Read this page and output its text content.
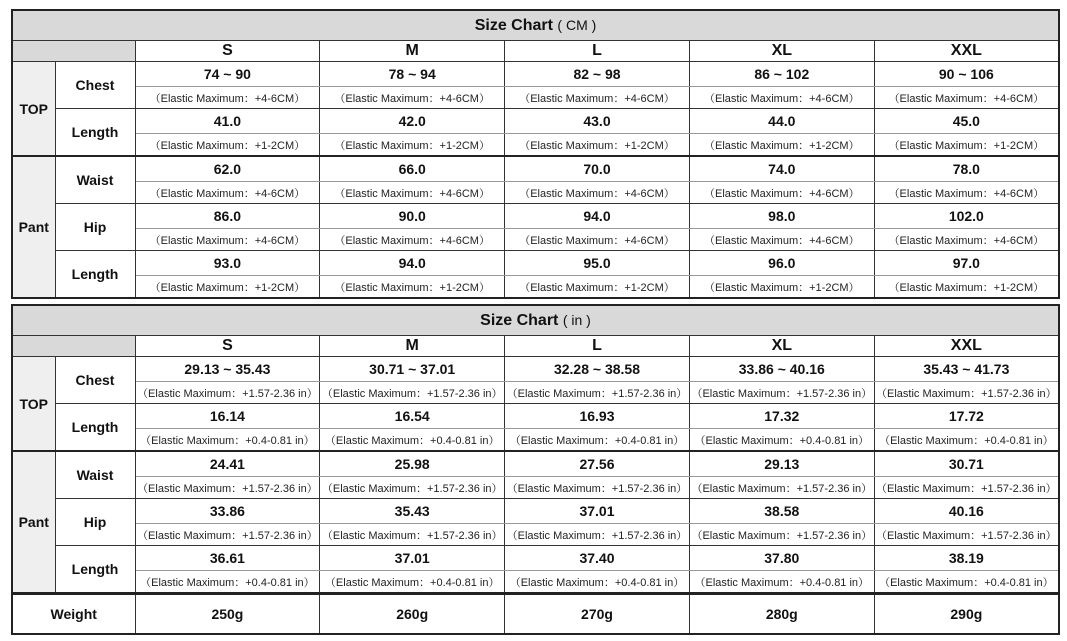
Size Chart ( CM )						
		S	M	L	XL	XXL
TOP	Chest	74 ~ 90	78 ~ 94	82 ~ 98	86 ~ 102	90 ~ 106
		（Elastic Maximum：+4-6CM）	（Elastic Maximum：+4-6CM）	（Elastic Maximum：+4-6CM）	（Elastic Maximum：+4-6CM）	（Elastic Maximum：+4-6CM）
	Length	41.0	42.0	43.0	44.0	45.0
		（Elastic Maximum：+1-2CM）	（Elastic Maximum：+1-2CM）	（Elastic Maximum：+1-2CM）	（Elastic Maximum：+1-2CM）	（Elastic Maximum：+1-2CM）
Pant	Waist	62.0	66.0	70.0	74.0	78.0
		（Elastic Maximum：+4-6CM）	（Elastic Maximum：+4-6CM）	（Elastic Maximum：+4-6CM）	（Elastic Maximum：+4-6CM）	（Elastic Maximum：+4-6CM）
	Hip	86.0	90.0	94.0	98.0	102.0
		（Elastic Maximum：+4-6CM）	（Elastic Maximum：+4-6CM）	（Elastic Maximum：+4-6CM）	（Elastic Maximum：+4-6CM）	（Elastic Maximum：+4-6CM）
	Length	93.0	94.0	95.0	96.0	97.0
		（Elastic Maximum：+1-2CM）	（Elastic Maximum：+1-2CM）	（Elastic Maximum：+1-2CM）	（Elastic Maximum：+1-2CM）	（Elastic Maximum：+1-2CM）
Size Chart ( in )						
		S	M	L	XL	XXL
TOP	Chest	29.13 ~ 35.43	30.71 ~ 37.01	32.28 ~ 38.58	33.86 ~ 40.16	35.43 ~ 41.73
		（Elastic Maximum：+1.57-2.36 in）	（Elastic Maximum：+1.57-2.36 in）	（Elastic Maximum：+1.57-2.36 in）	（Elastic Maximum：+1.57-2.36 in）	（Elastic Maximum：+1.57-2.36 in）
	Length	16.14	16.54	16.93	17.32	17.72
		（Elastic Maximum：+0.4-0.81 in）	（Elastic Maximum：+0.4-0.81 in）	（Elastic Maximum：+0.4-0.81 in）	（Elastic Maximum：+0.4-0.81 in）	（Elastic Maximum：+0.4-0.81 in）
Pant	Waist	24.41	25.98	27.56	29.13	30.71
		（Elastic Maximum：+1.57-2.36 in）	（Elastic Maximum：+1.57-2.36 in）	（Elastic Maximum：+1.57-2.36 in）	（Elastic Maximum：+1.57-2.36 in）	（Elastic Maximum：+1.57-2.36 in）
	Hip	33.86	35.43	37.01	38.58	40.16
		（Elastic Maximum：+1.57-2.36 in）	（Elastic Maximum：+1.57-2.36 in）	（Elastic Maximum：+1.57-2.36 in）	（Elastic Maximum：+1.57-2.36 in）	（Elastic Maximum：+1.57-2.36 in）
	Length	36.61	37.01	37.40	37.80	38.19
		（Elastic Maximum：+0.4-0.81 in）	（Elastic Maximum：+0.4-0.81 in）	（Elastic Maximum：+0.4-0.81 in）	（Elastic Maximum：+0.4-0.81 in）	（Elastic Maximum：+0.4-0.81 in）
Weight	250g	260g	270g	280g	290g
